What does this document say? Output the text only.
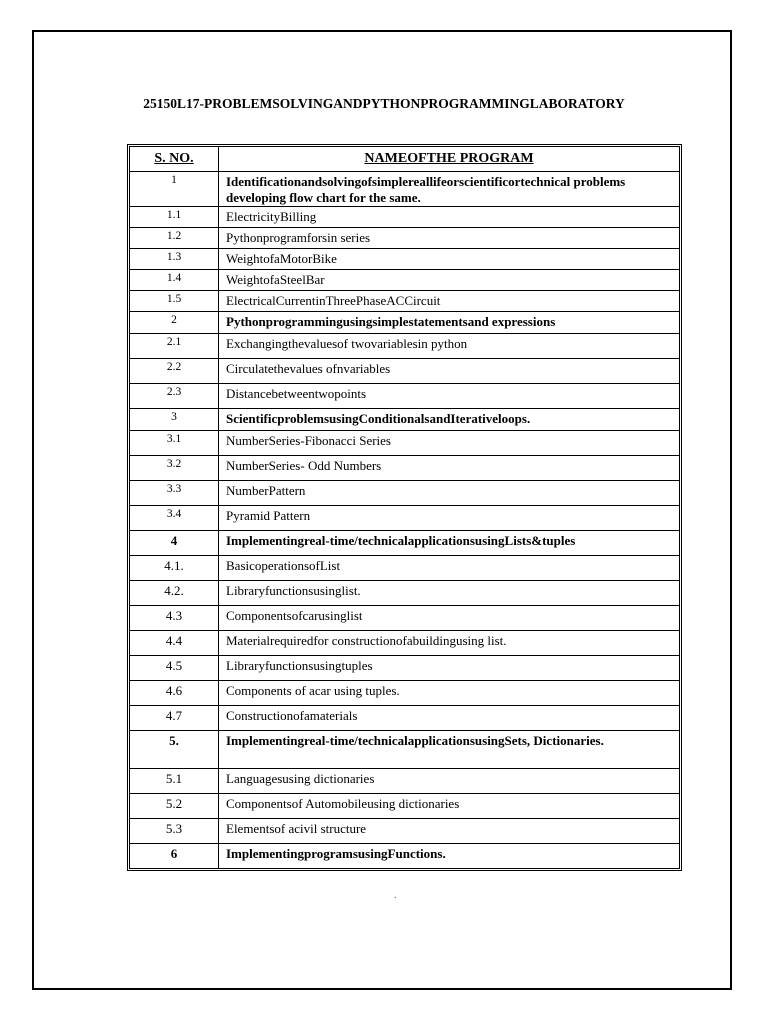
25150L17-PROBLEMSOLVINGANDPYTHONPROGRAMMINGLABORATORY
S. NO.	NAMEOFTHE PROGRAM
1	Identificationandsolvingofsimplereallifeorscientificortechnical problems developing flow chart for the same.
1.1	ElectricityBilling
1.2	Pythonprogramforsin series
1.3	WeightofaMotorBike
1.4	WeightofaSteelBar
1.5	ElectricalCurrentinThreePhaseACCircuit
2	Pythonprogrammingusingsimplestatementsand expressions
2.1	Exchangingthevaluesof twovariablesin python
2.2	Circulatethevalues ofnvariables
2.3	Distancebetweentwopoints
3	ScientificproblemsusingConditionalsandIterativeloops.
3.1	NumberSeries-Fibonacci Series
3.2	NumberSeries- Odd Numbers
3.3	NumberPattern
3.4	Pyramid Pattern
4	Implementingreal-time/technicalapplicationsusingLists&tuples
4.1.	BasicoperationsofList
4.2.	Libraryfunctionsusinglist.
4.3	Componentsofcarusinglist
4.4	Materialrequiredfor constructionofabuildingusing list.
4.5	Libraryfunctionsusingtuples
4.6	Components of acar using tuples.
4.7	Constructionofamaterials
5.	Implementingreal-time/technicalapplicationsusingSets, Dictionaries.
5.1	Languagesusing dictionaries
5.2	Componentsof Automobileusing dictionaries
5.3	Elementsof acivil structure
6	ImplementingprogramsusingFunctions.
.
